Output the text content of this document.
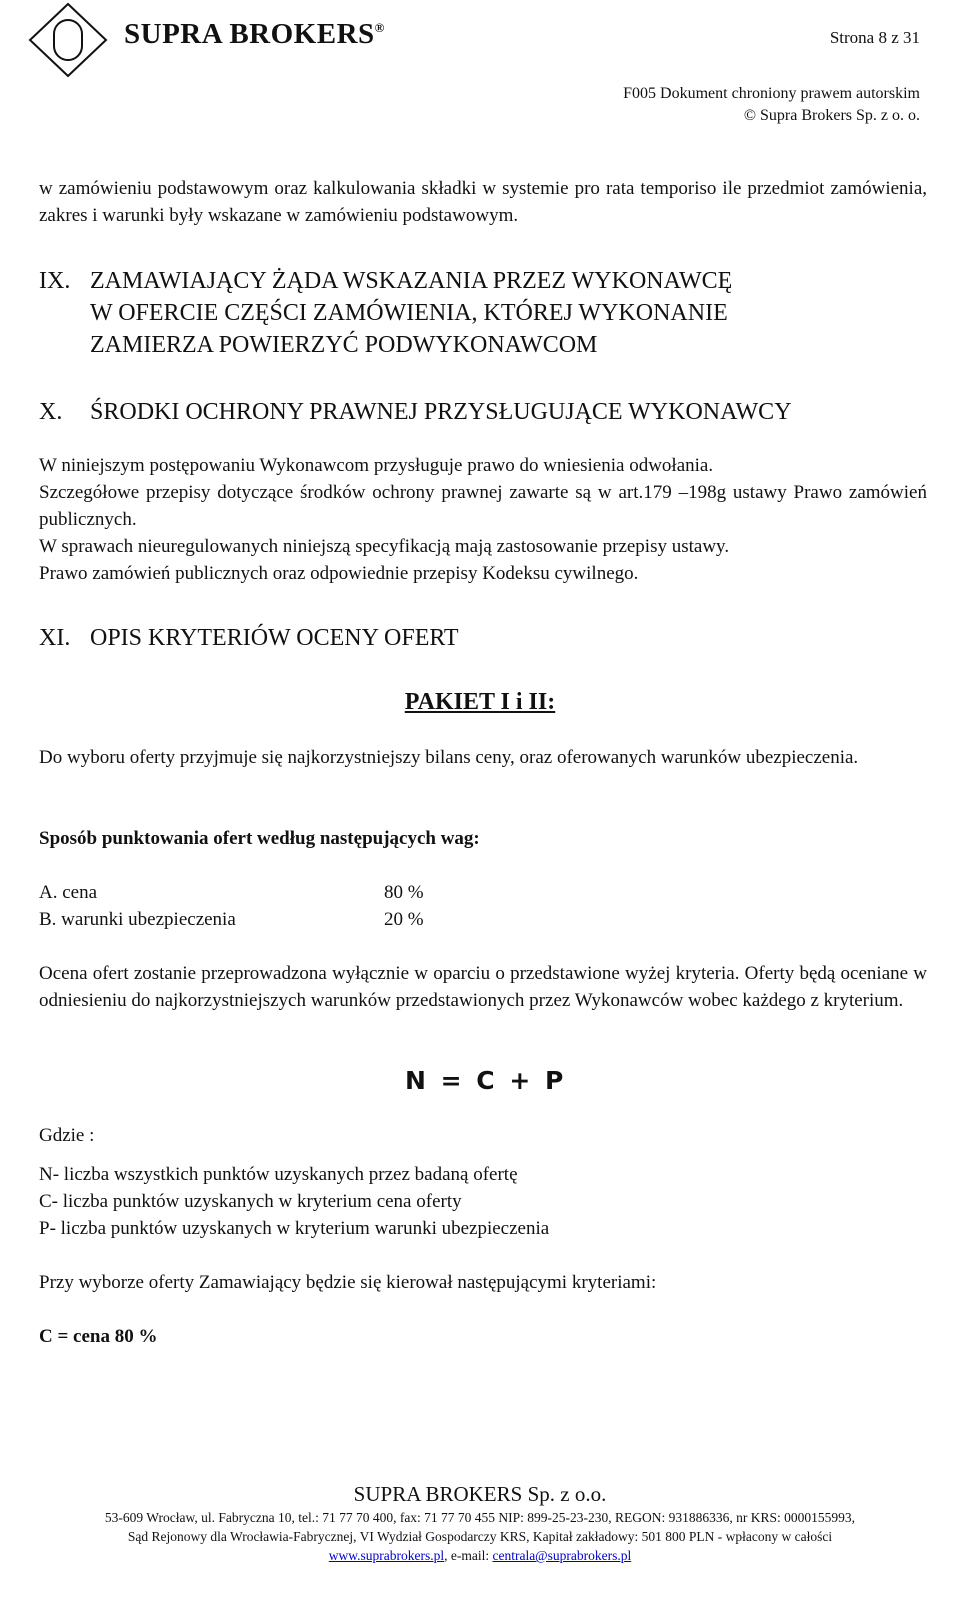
SUPRA BROKERS®
Strona 8 z 31
F005 Dokument chroniony prawem autorskim
© Supra Brokers Sp. z o. o.
w zamówieniu podstawowym oraz kalkulowania składki w systemie pro rata temporiso ile przedmiot zamówienia, zakres i warunki były wskazane w zamówieniu podstawowym.
IX. ZAMAWIAJĄCY ŻĄDA WSKAZANIA PRZEZ WYKONAWCĘ
W OFERCIE CZĘŚCI ZAMÓWIENIA, KTÓREJ WYKONANIE
ZAMIERZA POWIERZYĆ PODWYKONAWCOM
X. ŚRODKI OCHRONY PRAWNEJ PRZYSŁUGUJĄCE WYKONAWCY
W niniejszym postępowaniu Wykonawcom przysługuje prawo do wniesienia odwołania.
Szczegółowe przepisy dotyczące środków ochrony prawnej zawarte są w art.179 –198g ustawy Prawo zamówień publicznych.
W sprawach nieuregulowanych niniejszą specyfikacją mają zastosowanie przepisy ustawy.
Prawo zamówień publicznych oraz odpowiednie przepisy Kodeksu cywilnego.
XI. OPIS KRYTERIÓW OCENY OFERT
PAKIET I i II:
Do wyboru oferty przyjmuje się najkorzystniejszy bilans ceny, oraz oferowanych warunków ubezpieczenia.
Sposób punktowania ofert według następujących wag:
A. cena	80 %
B. warunki ubezpieczenia	20 %
Ocena ofert zostanie przeprowadzona wyłącznie w oparciu o przedstawione wyżej kryteria. Oferty będą oceniane w odniesieniu do najkorzystniejszych warunków przedstawionych przez Wykonawców wobec każdego z kryterium.
N = C + P
Gdzie :
N- liczba wszystkich punktów uzyskanych przez badaną ofertę
C- liczba punktów uzyskanych w kryterium cena oferty
P- liczba punktów uzyskanych w kryterium warunki ubezpieczenia
Przy wyborze oferty Zamawiający będzie się kierował następującymi kryteriami:
C = cena 80 %
SUPRA BROKERS Sp. z o.o.
53-609 Wrocław, ul. Fabryczna 10, tel.: 71 77 70 400, fax: 71 77 70 455 NIP: 899-25-23-230, REGON: 931886336, nr KRS: 0000155993,
Sąd Rejonowy dla Wrocławia-Fabrycznej, VI Wydział Gospodarczy KRS, Kapitał zakładowy: 501 800 PLN - wpłacony w całości
www.suprabrokers.pl, e-mail: centrala@suprabrokers.pl
